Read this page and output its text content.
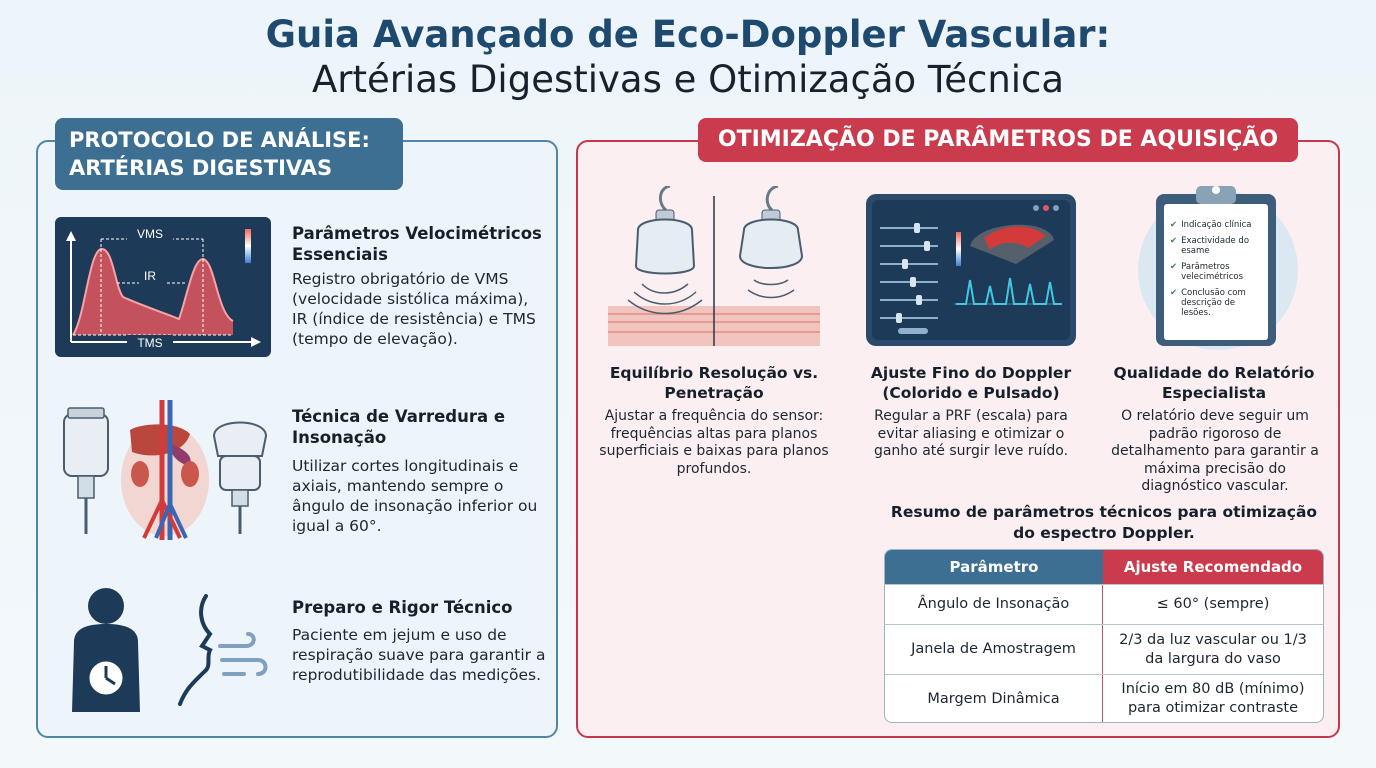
Guia Avançado de Eco-Doppler Vascular:
Artérias Digestivas e Otimização Técnica
PROTOCOLO DE ANÁLISE:
ARTÉRIAS DIGESTIVAS
VMS
IR
TMS
Parâmetros Velocimétricos Essenciais
Registro obrigatório de VMS (velocidade sistólica máxima), IR (índice de resistência) e TMS (tempo de elevação).
Técnica de Varredura e Insonação
Utilizar cortes longitudinais e axiais, mantendo sempre o ângulo de insonação inferior ou igual a 60°.
Preparo e Rigor Técnico
Paciente em jejum e uso de respiração suave para garantir a reprodutibilidade das medições.
OTIMIZAÇÃO DE PARÂMETROS DE AQUISIÇÃO
Equilíbrio Resolução vs. Penetração
Ajustar a frequência do sensor: frequências altas para planos superficiais e baixas para planos profundos.
Ajuste Fino do Doppler (Colorido e Pulsado)
Regular a PRF (escala) para evitar aliasing e otimizar o ganho até surgir leve ruído.
✔ Indicação clínica
✔ Exactividade do esame
✔ Parâmetros velecimétricos
✔ Conclusão com descrição de lesões.
Qualidade do Relatório Especialista
O relatório deve seguir um padrão rigoroso de detalhamento para garantir a máxima precisão do diagnóstico vascular.
Resumo de parâmetros técnicos para otimização do espectro Doppler.
Parâmetro	Ajuste Recomendado
Ângulo de Insonação	≤ 60° (sempre)
Janela de Amostragem
2/3 da luz vascular ou 1/3 da largura do vaso
Margem Dinâmica
Início em 80 dB (mínimo) para otimizar contraste
